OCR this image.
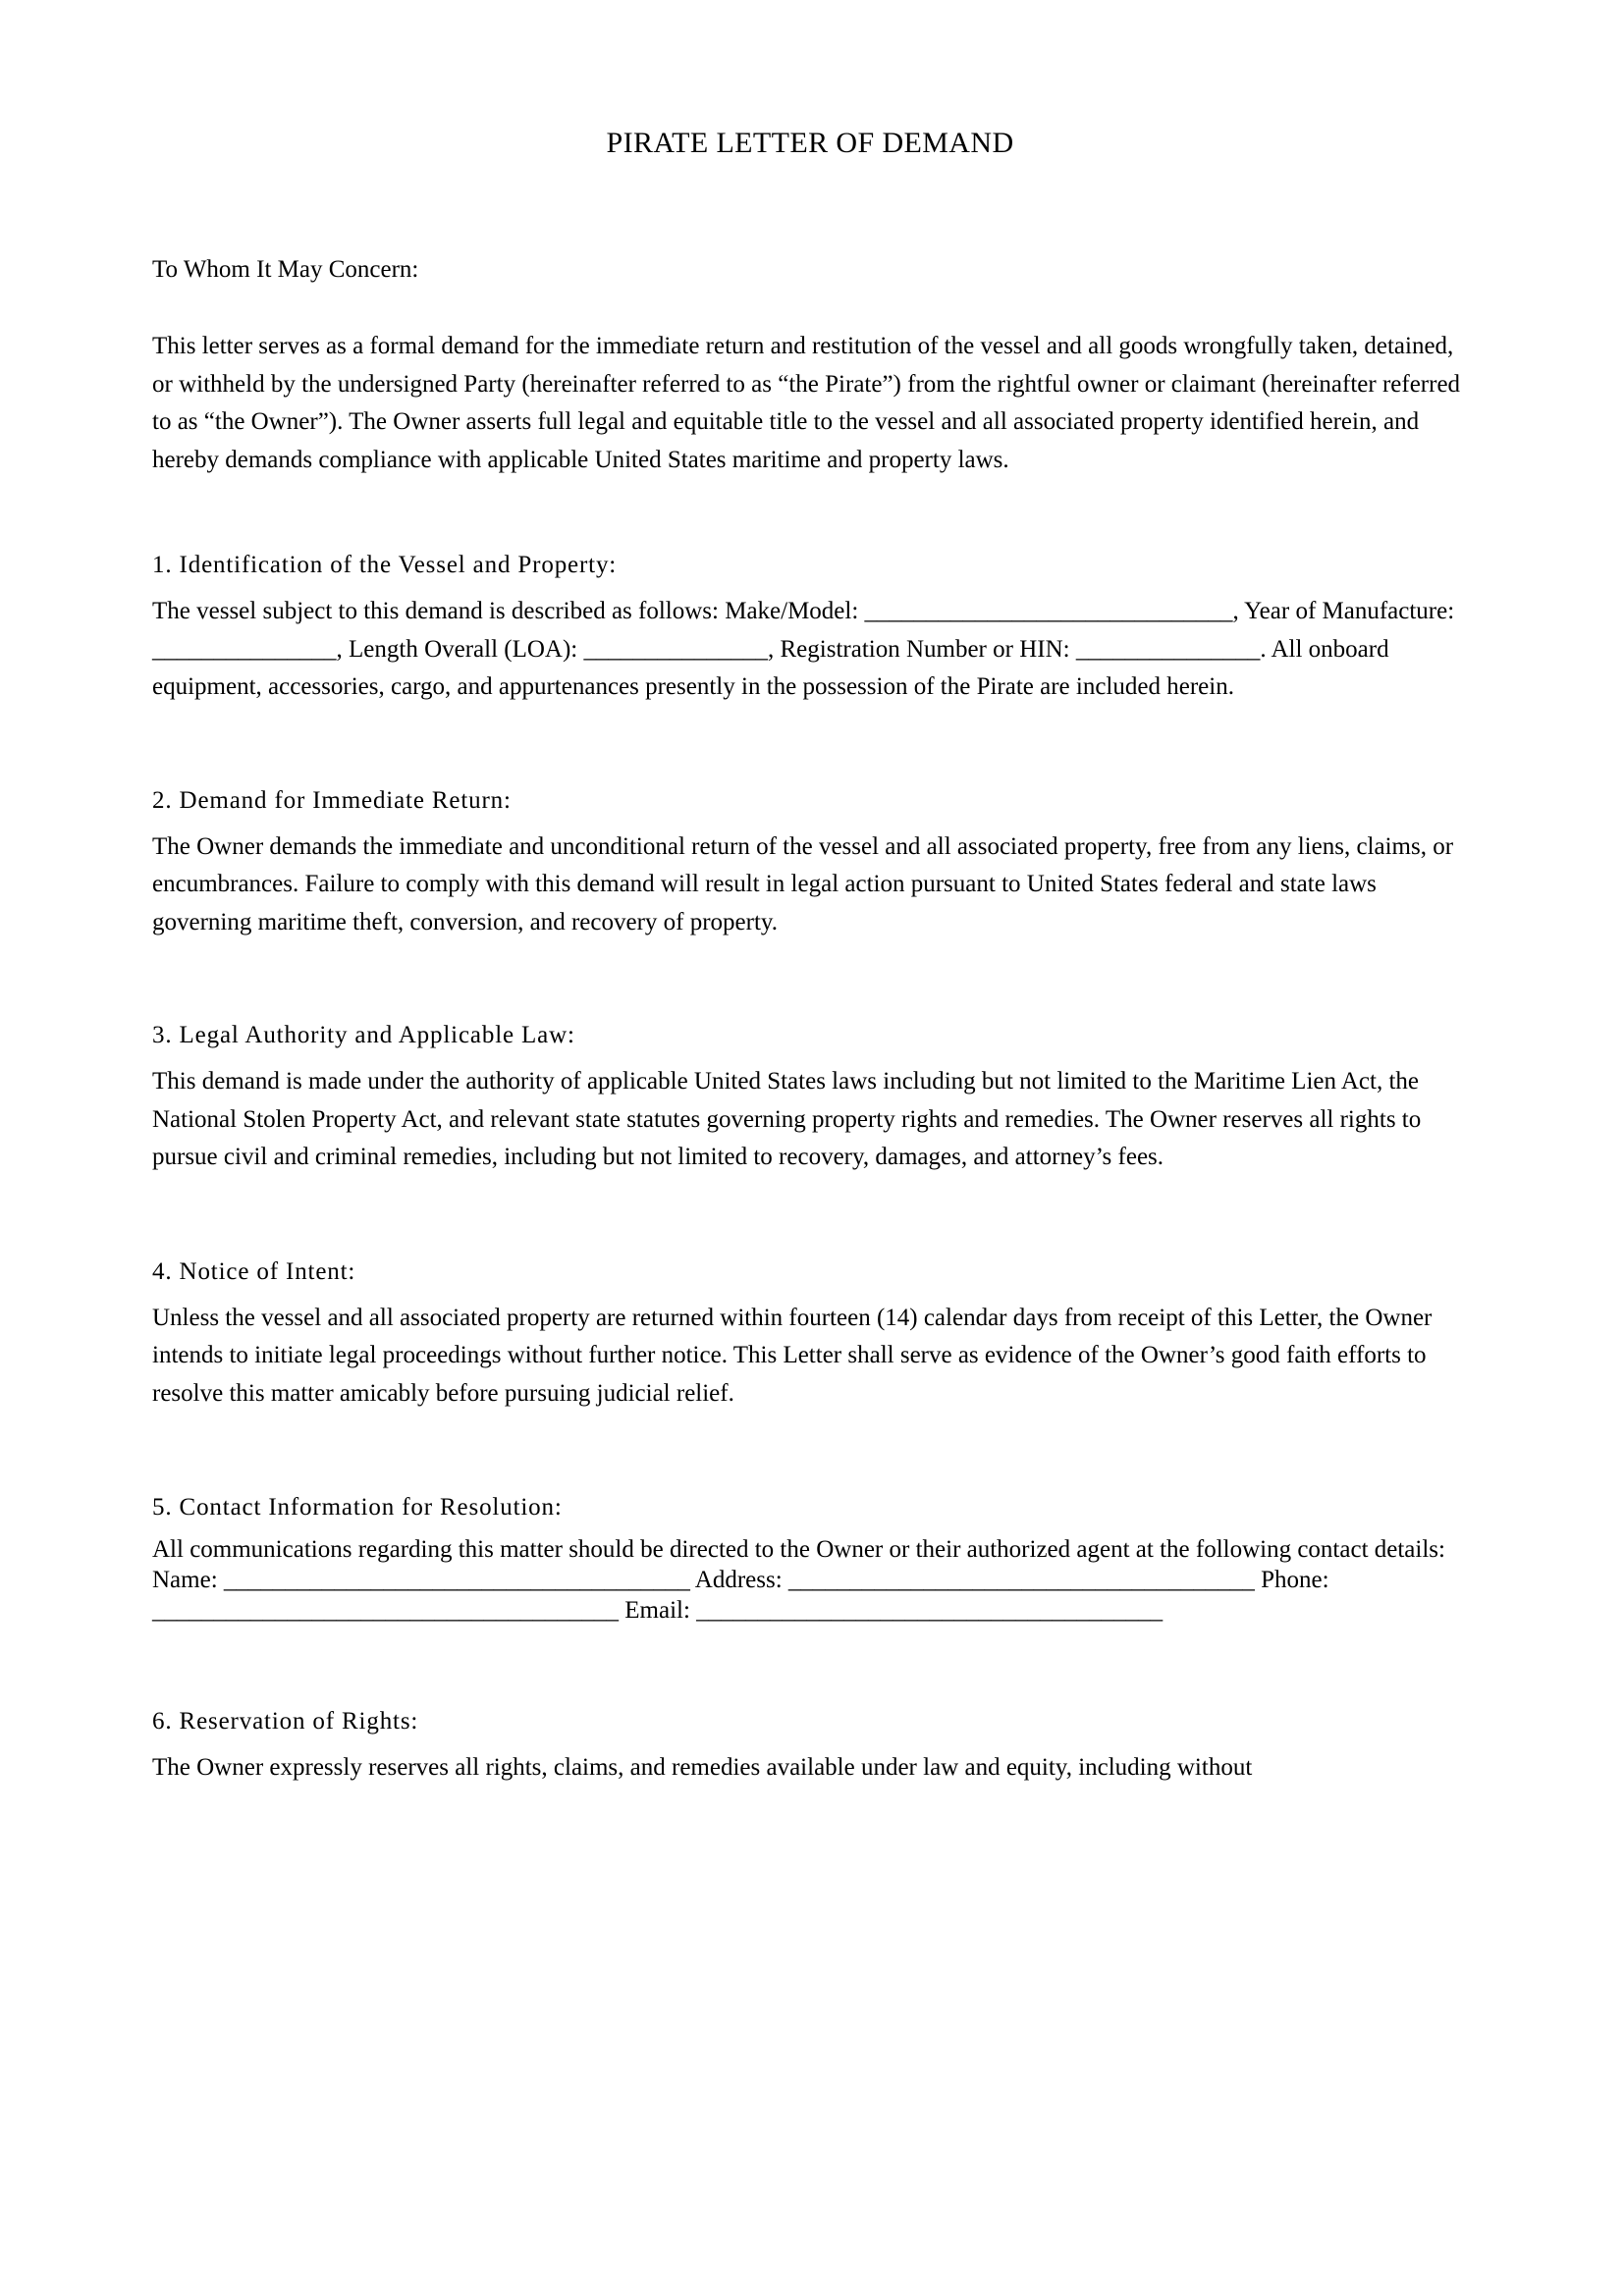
PIRATE LETTER OF DEMAND

To Whom It May Concern:

This letter serves as a formal demand for the immediate return and restitution of the vessel and all goods wrongfully taken, detained, or withheld by the undersigned Party (hereinafter referred to as “the Pirate”) from the rightful owner or claimant (hereinafter referred to as “the Owner”). The Owner asserts full legal and equitable title to the vessel and all associated property identified herein, and hereby demands compliance with applicable United States maritime and property laws.

1. Identification of the Vessel and Property:

The vessel subject to this demand is described as follows: Make/Model: ______________________________, Year of Manufacture: _______________, Length Overall (LOA): _______________, Registration Number or HIN: _______________. All onboard equipment, accessories, cargo, and appurtenances presently in the possession of the Pirate are included herein.

2. Demand for Immediate Return:

The Owner demands the immediate and unconditional return of the vessel and all associated property, free from any liens, claims, or encumbrances. Failure to comply with this demand will result in legal action pursuant to United States federal and state laws governing maritime theft, conversion, and recovery of property.

3. Legal Authority and Applicable Law:

This demand is made under the authority of applicable United States laws including but not limited to the Maritime Lien Act, the National Stolen Property Act, and relevant state statutes governing property rights and remedies. The Owner reserves all rights to pursue civil and criminal remedies, including but not limited to recovery, damages, and attorney’s fees.

4. Notice of Intent:

Unless the vessel and all associated property are returned within fourteen (14) calendar days from receipt of this Letter, the Owner intends to initiate legal proceedings without further notice. This Letter shall serve as evidence of the Owner’s good faith efforts to resolve this matter amicably before pursuing judicial relief.

5. Contact Information for Resolution:

All communications regarding this matter should be directed to the Owner or their authorized agent at the following contact details: Name: ______________________________________ Address: ______________________________________ Phone: ______________________________________ Email: ______________________________________

6. Reservation of Rights:

The Owner expressly reserves all rights, claims, and remedies available under law and equity, including without
